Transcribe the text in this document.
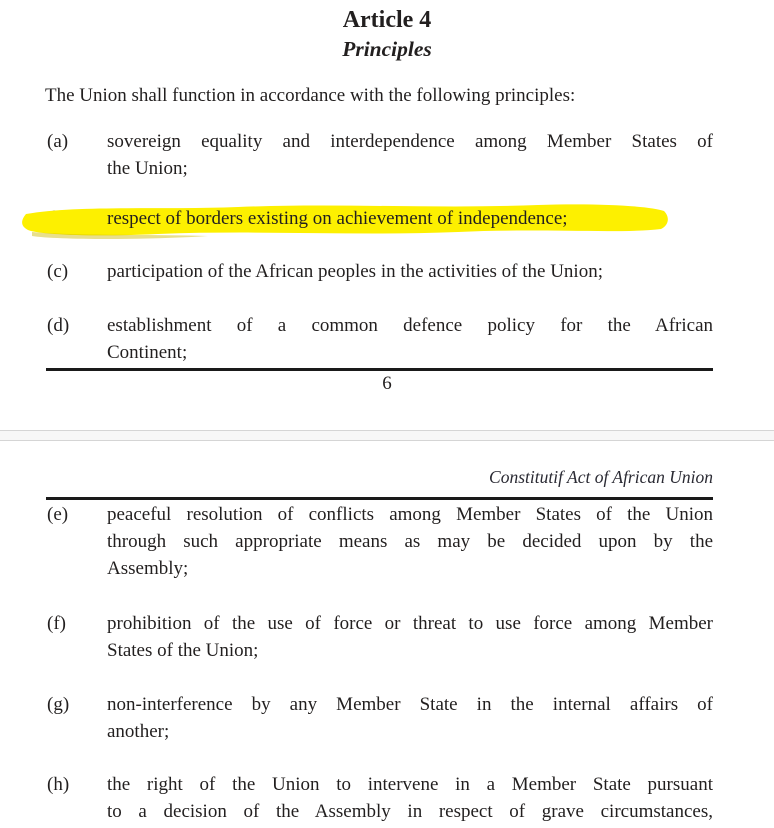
Article 4
Principles
The Union shall function in accordance with the following principles:
(a) sovereign equality and interdependence among Member States of
the Union;
respect of borders existing on achievement of independence;
(c) participation of the African peoples in the activities of the Union;
(d) establishment of a common defence policy for the African
Continent;
6
Constitutif Act of African Union
(e) peaceful resolution of conflicts among Member States of the Union
through such appropriate means as may be decided upon by the
Assembly;
(f) prohibition of the use of force or threat to use force among Member
States of the Union;
(g) non-interference by any Member State in the internal affairs of
another;
(h) the right of the Union to intervene in a Member State pursuant
to a decision of the Assembly in respect of grave circumstances,
